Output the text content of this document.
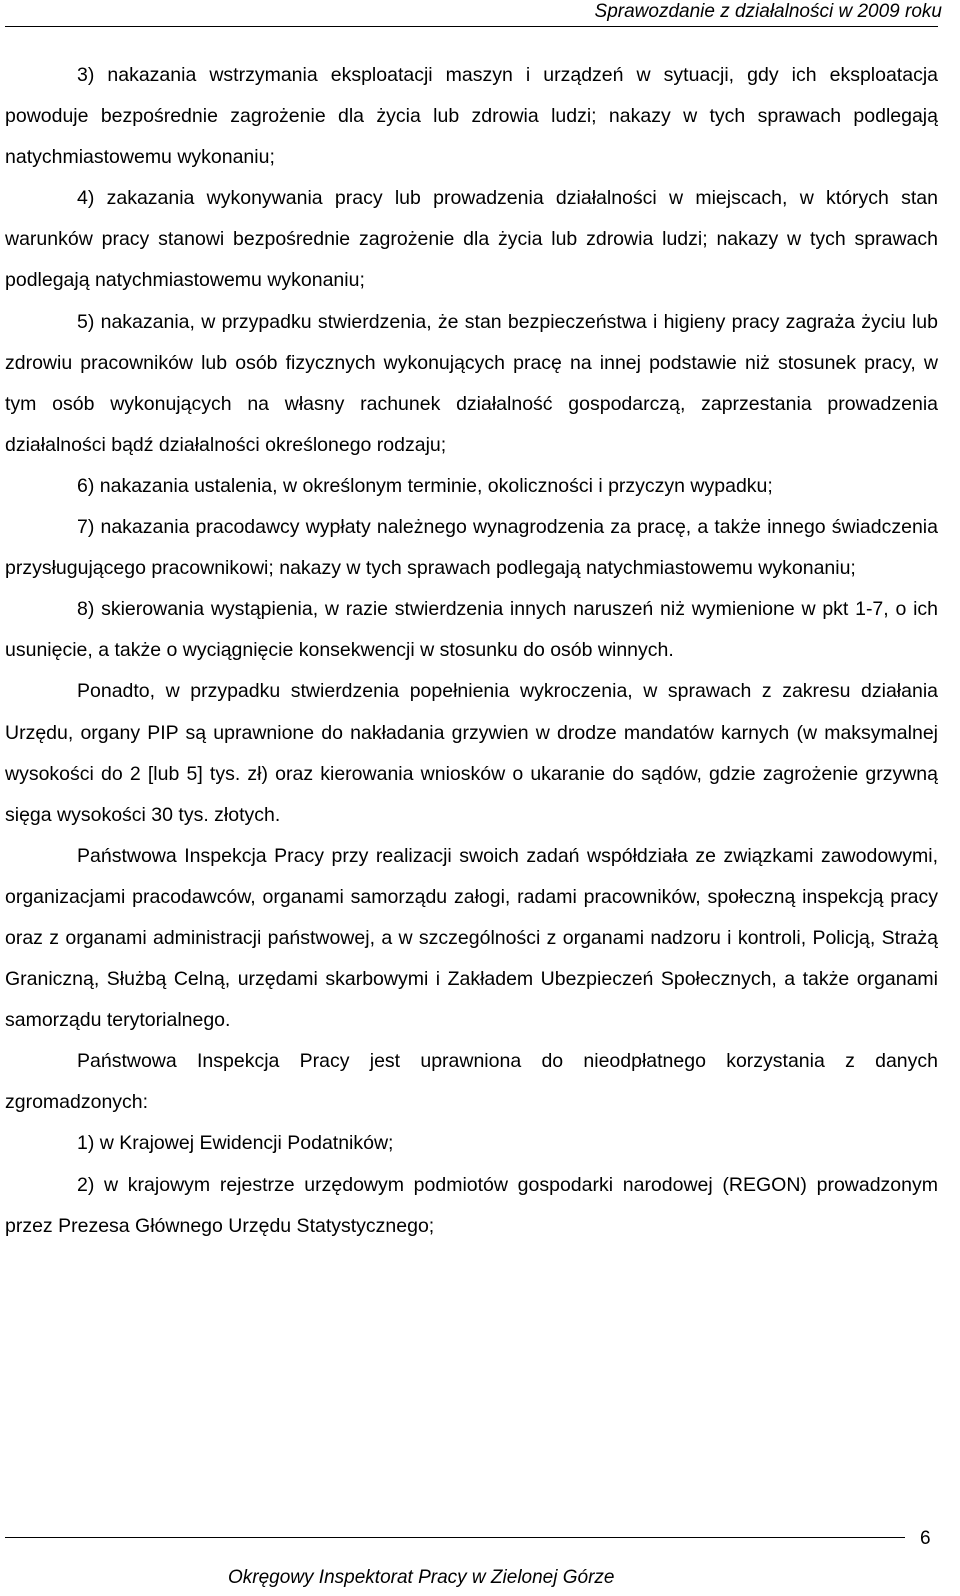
Sprawozdanie z działalności w 2009 roku

3) nakazania wstrzymania eksploatacji maszyn i urządzeń w sytuacji, gdy ich eksploatacja powoduje bezpośrednie zagrożenie dla życia lub zdrowia ludzi; nakazy w tych sprawach podlegają natychmiastowemu wykonaniu;

4) zakazania wykonywania pracy lub prowadzenia działalności w miejscach, w których stan warunków pracy stanowi bezpośrednie zagrożenie dla życia lub zdrowia ludzi; nakazy w tych sprawach podlegają natychmiastowemu wykonaniu;

5) nakazania, w przypadku stwierdzenia, że stan bezpieczeństwa i higieny pracy zagraża życiu lub zdrowiu pracowników lub osób fizycznych wykonujących pracę na innej podstawie niż stosunek pracy, w tym osób wykonujących na własny rachunek działalność gospodarczą, zaprzestania prowadzenia działalności bądź działalności określonego rodzaju;

6) nakazania ustalenia, w określonym terminie, okoliczności i przyczyn wypadku;

7) nakazania pracodawcy wypłaty należnego wynagrodzenia za pracę, a także innego świadczenia przysługującego pracownikowi; nakazy w tych sprawach podlegają natychmiastowemu wykonaniu;

8) skierowania wystąpienia, w razie stwierdzenia innych naruszeń niż wymienione w pkt 1-7, o ich usunięcie, a także o wyciągnięcie konsekwencji w stosunku do osób winnych.

Ponadto, w przypadku stwierdzenia popełnienia wykroczenia, w sprawach z zakresu działania Urzędu, organy PIP są uprawnione do nakładania grzywien w drodze mandatów karnych (w maksymalnej wysokości do 2 [lub 5] tys. zł) oraz kierowania wniosków o ukaranie do sądów, gdzie zagrożenie grzywną sięga wysokości 30 tys. złotych.

Państwowa Inspekcja Pracy przy realizacji swoich zadań współdziała ze związkami zawodowymi, organizacjami pracodawców, organami samorządu załogi, radami pracowników, społeczną inspekcją pracy oraz z organami administracji państwowej, a w szczególności z organami nadzoru i kontroli, Policją, Strażą Graniczną, Służbą Celną, urzędami skarbowymi i Zakładem Ubezpieczeń Społecznych, a także organami samorządu terytorialnego.

Państwowa Inspekcja Pracy jest uprawniona do nieodpłatnego korzystania z danych zgromadzonych:

1) w Krajowej Ewidencji Podatników;

2) w krajowym rejestrze urzędowym podmiotów gospodarki narodowej (REGON) prowadzonym przez Prezesa Głównego Urzędu Statystycznego;

Okręgowy Inspektorat Pracy w Zielonej Górze
6
